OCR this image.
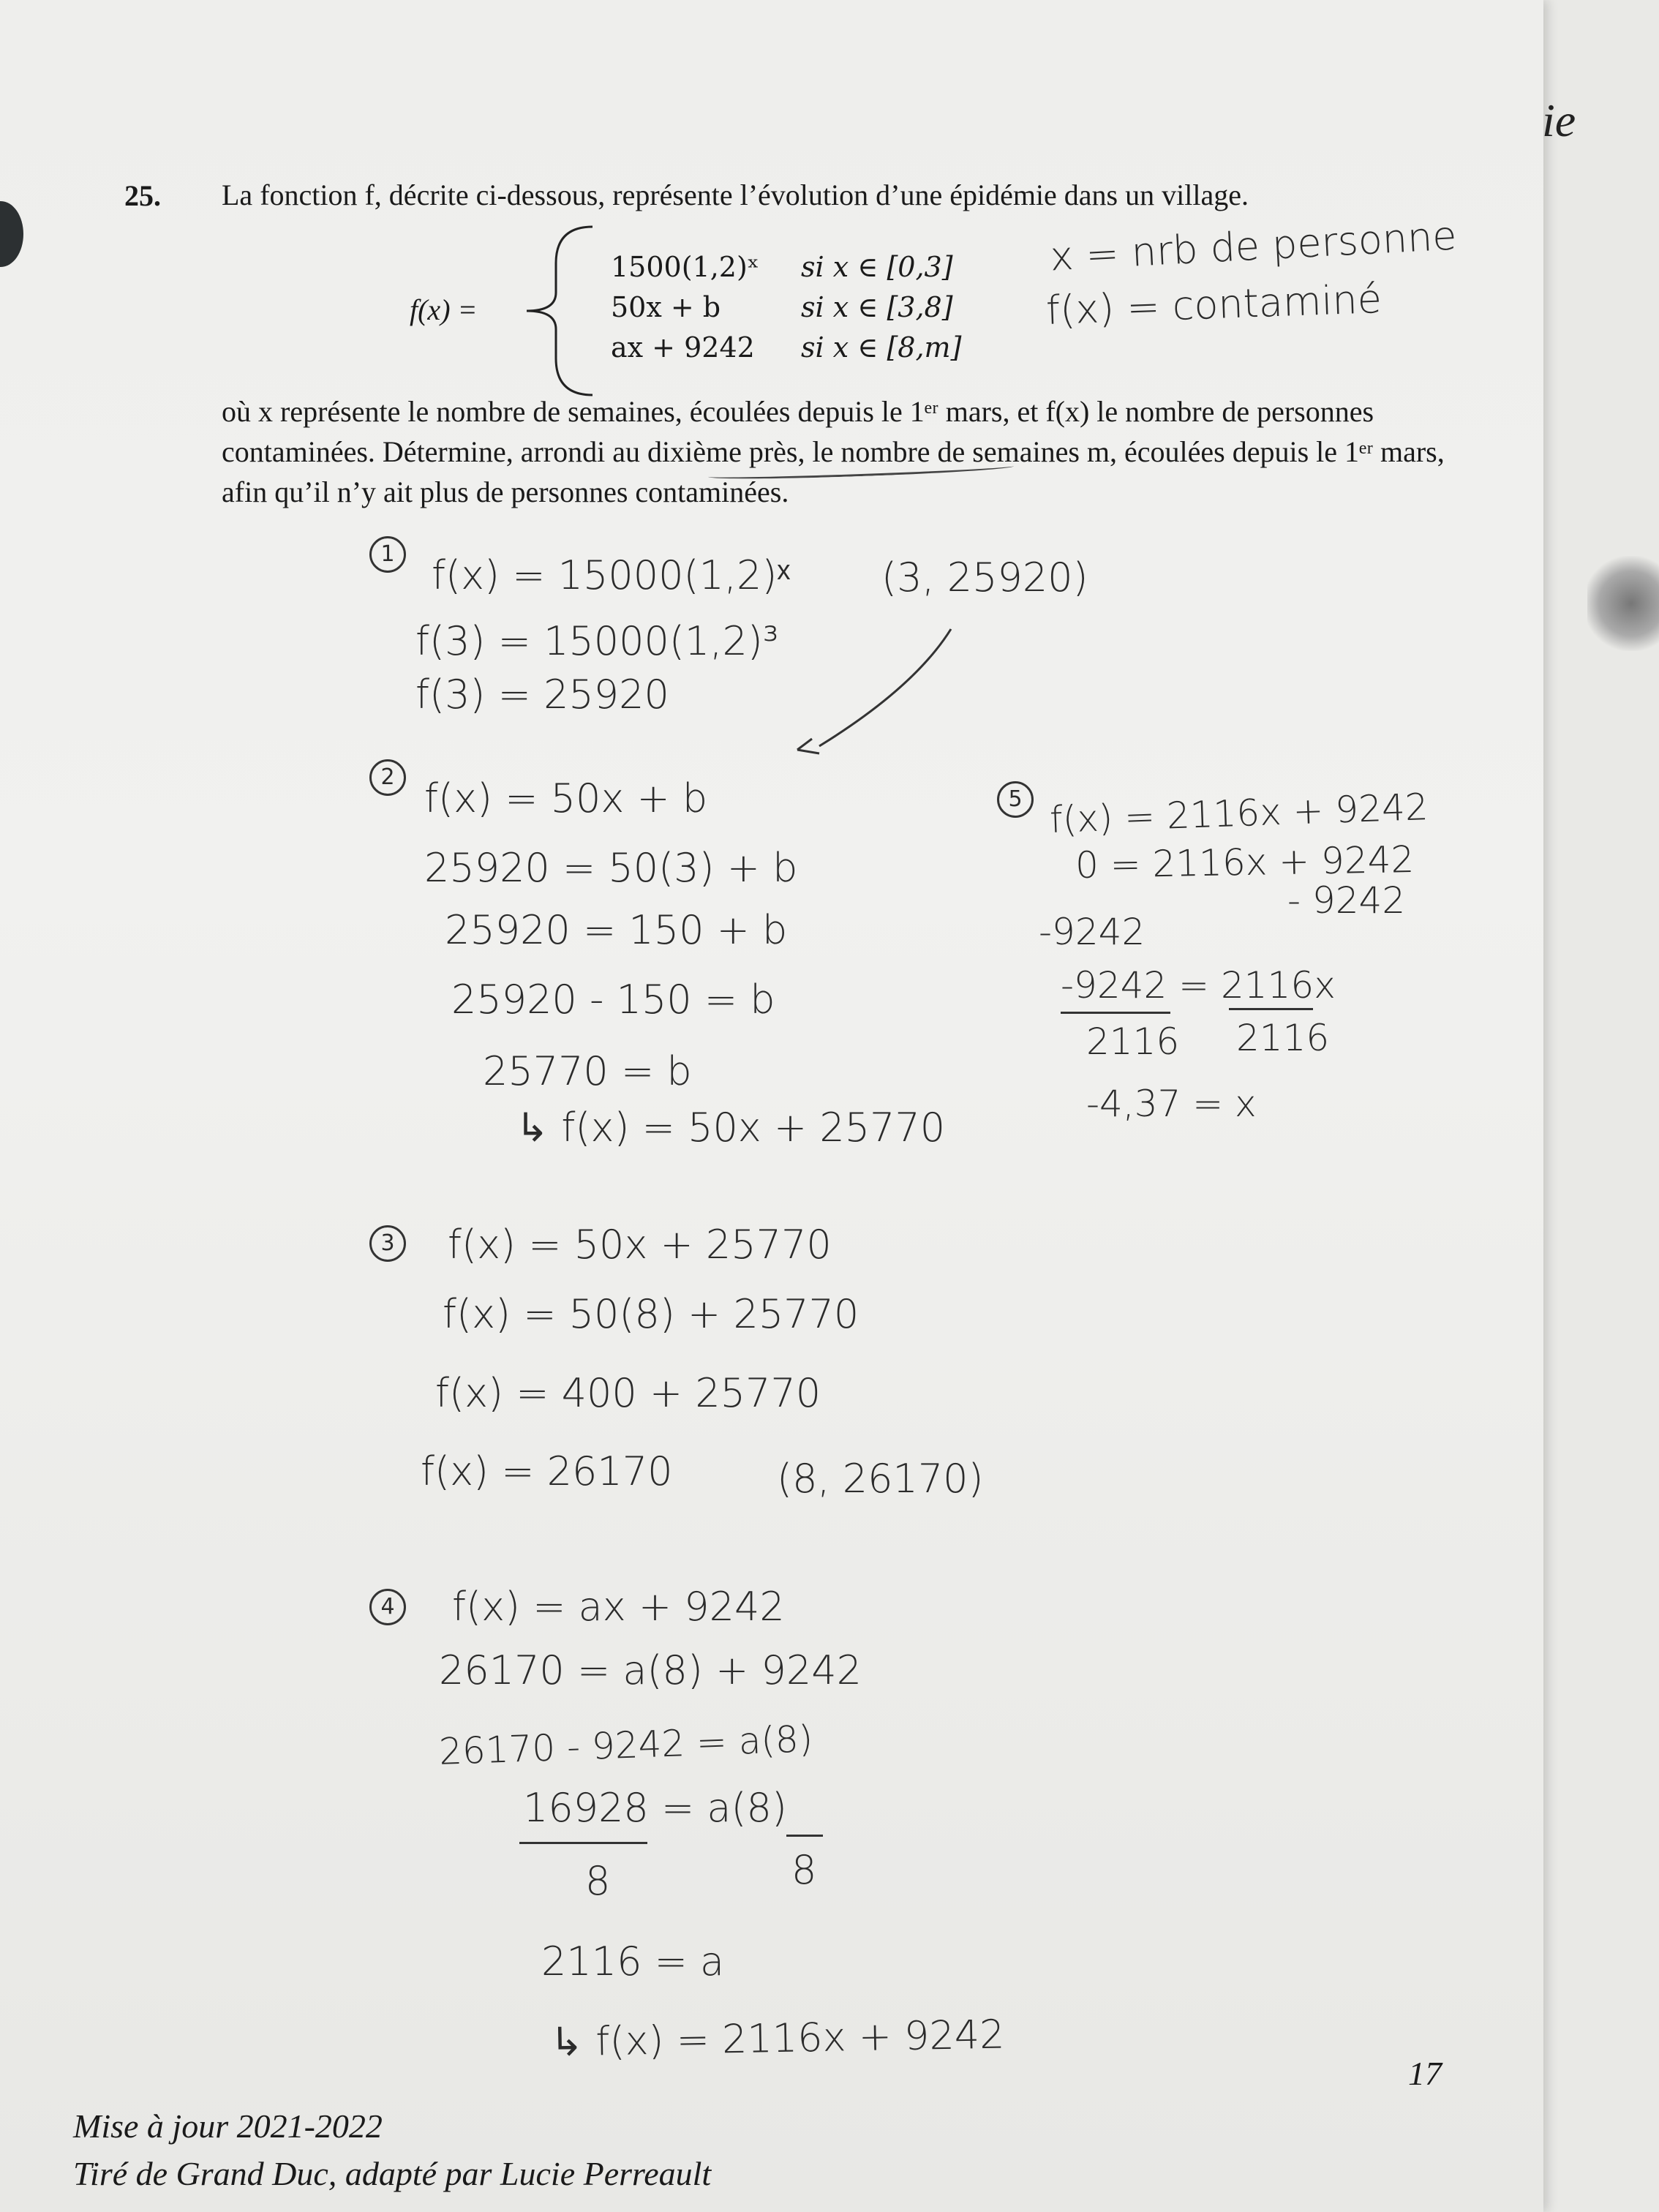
25. La fonction f, décrite ci-dessous, représente l’évolution d’une épidémie dans un village.
f(x) =
1500(1,2)ˣ
50x + b
ax + 9242
si x ∈ [0,3]
si x ∈ [3,8]
si x ∈ [8,m]
où x représente le nombre de semaines, écoulées depuis le 1ᵉʳ mars, et f(x) le nombre de personnes contaminées. Détermine, arrondi au dixième près, le nombre de semaines m, écoulées depuis le 1ᵉʳ mars, afin qu’il n’y ait plus de personnes contaminées.
x = nrb de personne
f(x) = contaminé
1 f(x) = 15000(1,2)ˣ (3, 25920)
f(3) = 15000(1,2)³
f(3) = 25920
2 f(x) = 50x + b
25920 = 50(3) + b
25920 = 150 + b
25920 - 150 = b
25770 = b
↳ f(x) = 50x + 25770
3 f(x) = 50x + 25770
f(x) = 50(8) + 25770
f(x) = 400 + 25770
f(x) = 26170	(8, 26170)
4 f(x) = ax + 9242
26170 = a(8) + 9242
26170 - 9242 = a(8)
16928 = a(8)
8	8
2116 = a
↳ f(x) = 2116x + 9242
5 f(x) = 2116x + 9242
0 = 2116x + 9242
- 9242
-9242
-9242 = 2116x
2116 2116
-4,37 = x
17
Mise à jour 2021-2022
Tiré de Grand Duc, adapté par Lucie Perreault
ie
